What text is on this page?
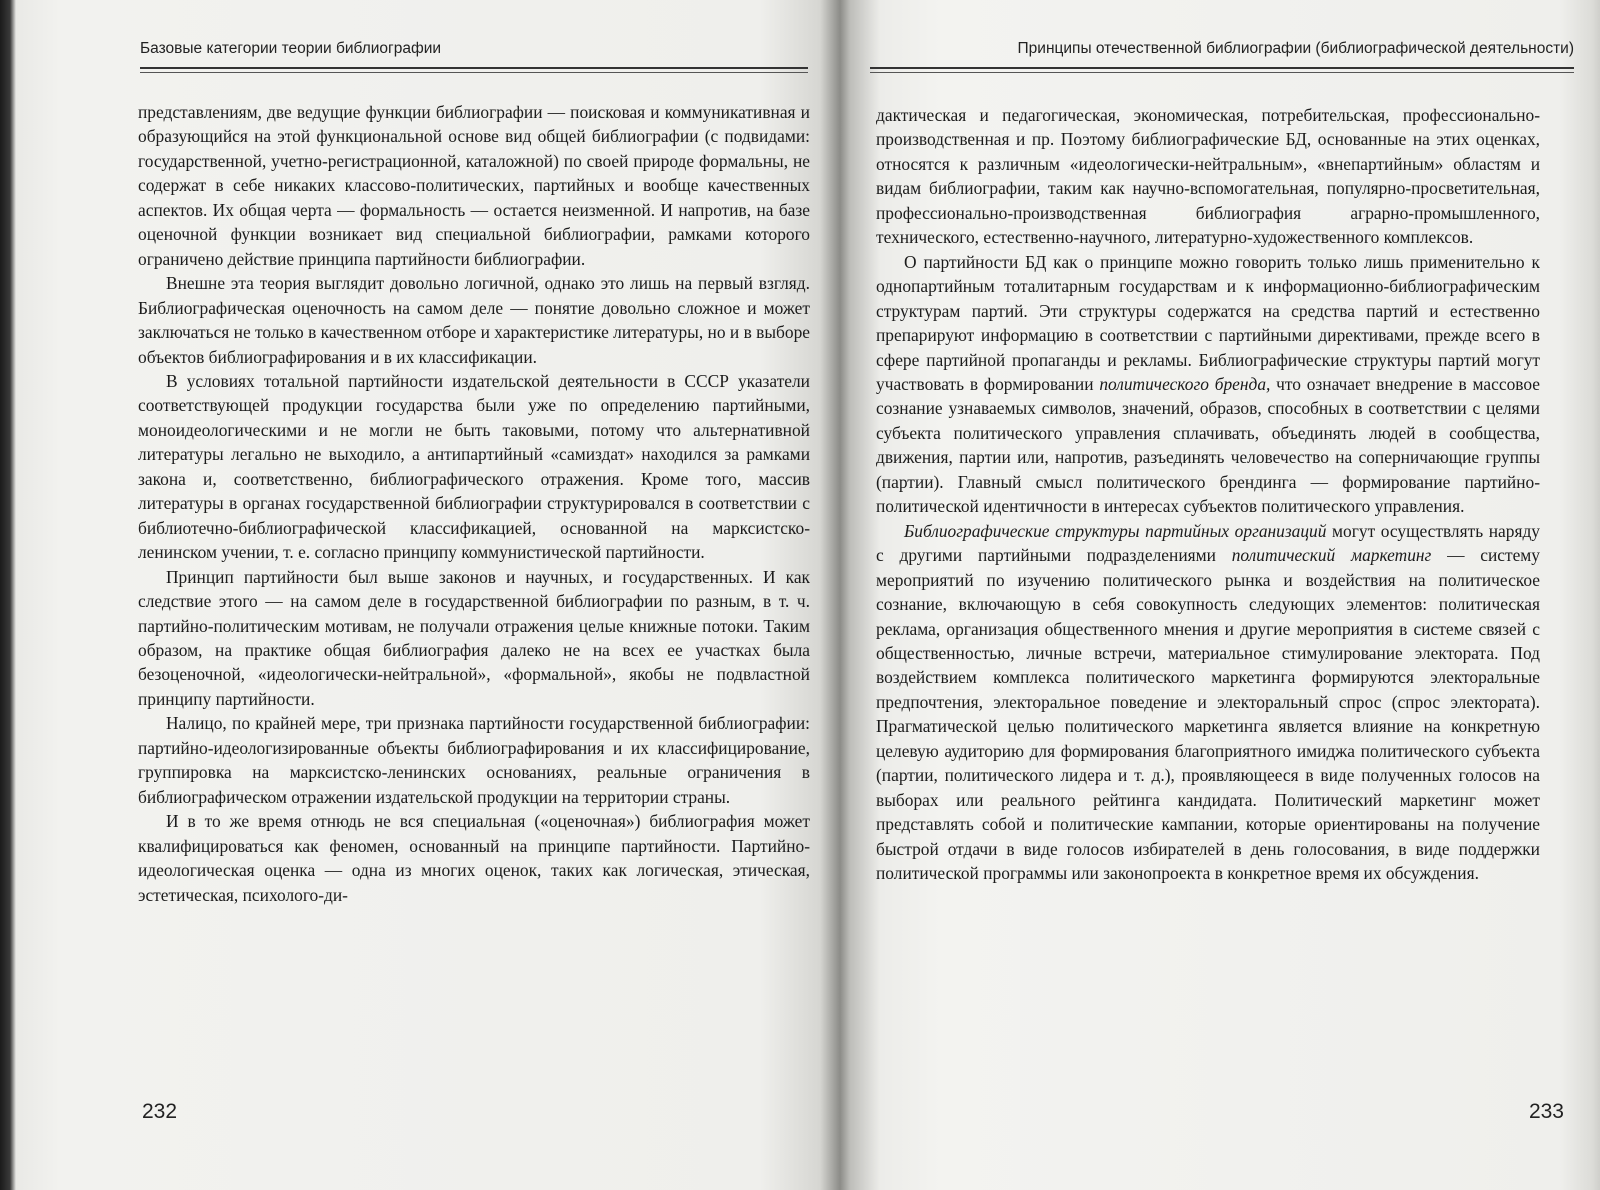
Базовые категории теории библиографии

представлениям, две ведущие функции библиографии — поисковая и коммуникативная и образующийся на этой функциональной основе вид общей библиографии (с подвидами: государственной, учетно-регистрационной, каталожной) по своей природе формальны, не содержат в себе никаких классово-политических, партийных и вообще качественных аспектов. Их общая черта — формальность — остается неизменной. И напротив, на базе оценочной функции возникает вид специальной библиографии, рамками которого ограничено действие принципа партийности библиографии.

Внешне эта теория выглядит довольно логичной, однако это лишь на первый взгляд. Библиографическая оценочность на самом деле — понятие довольно сложное и может заключаться не только в качественном отборе и характеристике литературы, но и в выборе объектов библиографирования и в их классификации.

В условиях тотальной партийности издательской деятельности в СССР указатели соответствующей продукции государства были уже по определению партийными, моноидеологическими и не могли не быть таковыми, потому что альтернативной литературы легально не выходило, а антипартийный «самиздат» находился за рамками закона и, соответственно, библиографического отражения. Кроме того, массив литературы в органах государственной библиографии структурировался в соответствии с библиотечно-библиографической классификацией, основанной на марксистско-ленинском учении, т. е. согласно принципу коммунистической партийности.

Принцип партийности был выше законов и научных, и государственных. И как следствие этого — на самом деле в государственной библиографии по разным, в т. ч. партийно-политическим мотивам, не получали отражения целые книжные потоки. Таким образом, на практике общая библиография далеко не на всех ее участках была безоценочной, «идеологически-нейтральной», «формальной», якобы не подвластной принципу партийности.

Налицо, по крайней мере, три признака партийности государственной библиографии: партийно-идеологизированные объекты библиографирования и их классифицирование, группировка на марксистско-ленинских основаниях, реальные ограничения в библиографическом отражении издательской продукции на территории страны.

И в то же время отнюдь не вся специальная («оценочная») библиография может квалифицироваться как феномен, основанный на принципе партийности. Партийно-идеологическая оценка — одна из многих оценок, таких как логическая, этическая, эстетическая, психолого-ди-

232
Принципы отечественной библиографии (библиографической деятельности)

дактическая и педагогическая, экономическая, потребительская, профессионально-производственная и пр. Поэтому библиографические БД, основанные на этих оценках, относятся к различным «идеологически-нейтральным», «внепартийным» областям и видам библиографии, таким как научно-вспомогательная, популярно-просветительная, профессионально-производственная библиография аграрно-промышленного, технического, естественно-научного, литературно-художественного комплексов.

О партийности БД как о принципе можно говорить только лишь применительно к однопартийным тоталитарным государствам и к информационно-библиографическим структурам партий. Эти структуры содержатся на средства партий и естественно препарируют информацию в соответствии с партийными директивами, прежде всего в сфере партийной пропаганды и рекламы. Библиографические структуры партий могут участвовать в формировании политического бренда, что означает внедрение в массовое сознание узнаваемых символов, значений, образов, способных в соответствии с целями субъекта политического управления сплачивать, объединять людей в сообщества, движения, партии или, напротив, разъединять человечество на соперничающие группы (партии). Главный смысл политического брендинга — формирование партийно-политической идентичности в интересах субъектов политического управления.

Библиографические структуры партийных организаций могут осуществлять наряду с другими партийными подразделениями политический маркетинг — систему мероприятий по изучению политического рынка и воздействия на политическое сознание, включающую в себя совокупность следующих элементов: политическая реклама, организация общественного мнения и другие мероприятия в системе связей с общественностью, личные встречи, материальное стимулирование электората. Под воздействием комплекса политического маркетинга формируются электоральные предпочтения, электоральное поведение и электоральный спрос (спрос электората). Прагматической целью политического маркетинга является влияние на конкретную целевую аудиторию для формирования благоприятного имиджа политического субъекта (партии, политического лидера и т. д.), проявляющееся в виде полученных голосов на выборах или реального рейтинга кандидата. Политический маркетинг может представлять собой и политические кампании, которые ориентированы на получение быстрой отдачи в виде голосов избирателей в день голосования, в виде поддержки политической программы или законопроекта в конкретное время их обсуждения.

233
